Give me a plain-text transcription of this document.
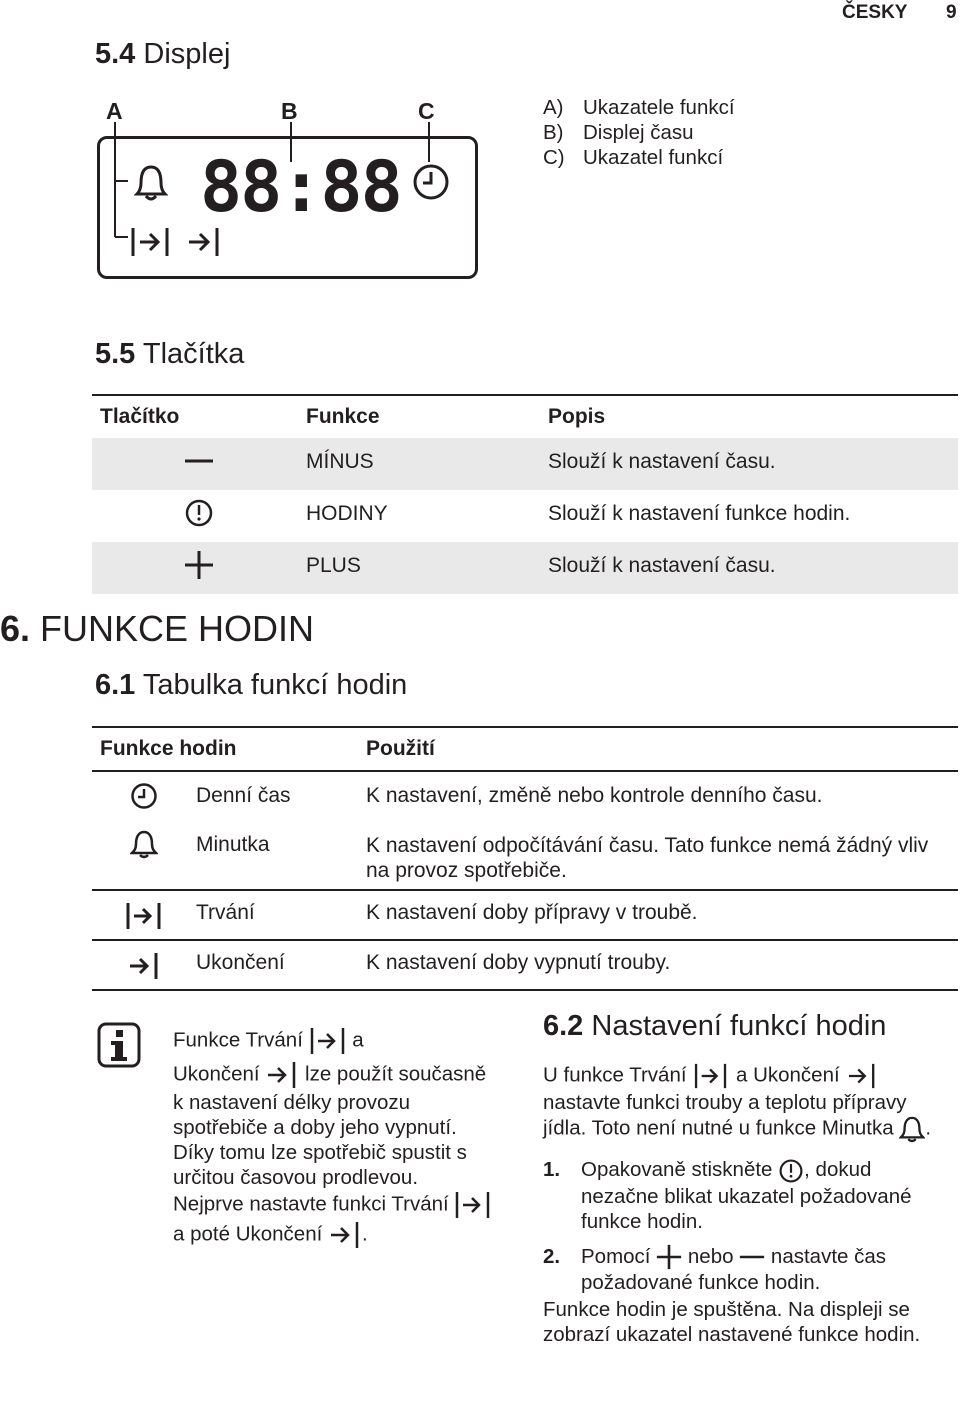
ČESKY 9
5.4 Displej
A	B	C
88:88
A) Ukazatele funkcí
B) Displej času
C) Ukazatel funkcí
5.5 Tlačítka
Tlačítko	Funkce	Popis
	MÍNUS	Slouží k nastavení času.
	HODINY	Slouží k nastavení funkce hodin.
	PLUS	Slouží k nastavení času.
6. FUNKCE HODIN
6.1 Tabulka funkcí hodin
Funkce hodin		Použití
	Denní čas	K nastavení, změně nebo kontrole denního času.
	Minutka	K nastavení odpočítávání času. Tato funkce nemá žádný vliv na provoz spotřebiče.
	Trvání	K nastavení doby přípravy v troubě.
	Ukončení	K nastavení doby vypnutí trouby.
Funkce Trvání a
Ukončení lze použít současně k nastavení délky provozu spotřebiče a doby jeho vypnutí. Díky tomu lze spotřebič spustit s určitou časovou prodlevou. Nejprve nastavte funkci Trvání  a poté Ukončení .
6.2 Nastavení funkcí hodin
U funkce Trvání a Ukončení  nastavte funkci trouby a teplotu přípravy jídla. Toto není nutné u funkce Minutka .
1.	Opakovaně stiskněte , dokud nezačne blikat ukazatel požadované funkce hodin.
2.	Pomocí nebo nastavte čas požadované funkce hodin.
Funkce hodin je spuštěna. Na displeji se zobrazí ukazatel nastavené funkce hodin.
